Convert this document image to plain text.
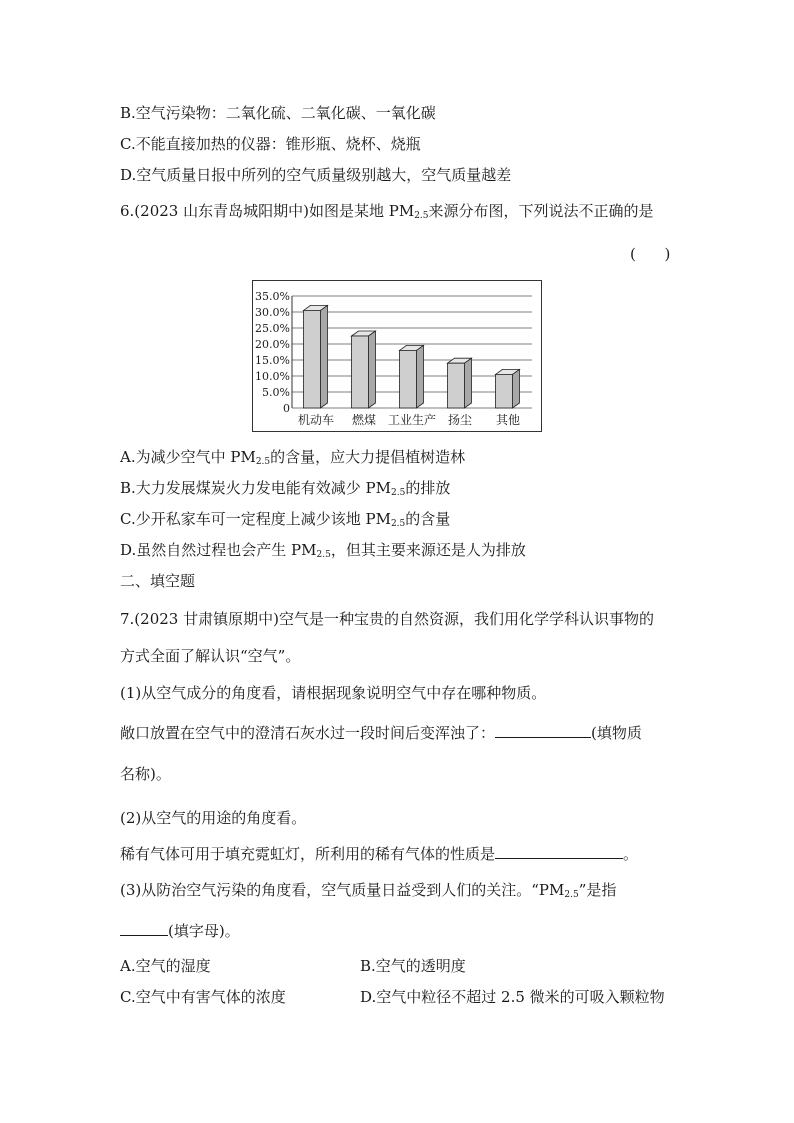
B.空气污染物：二氧化硫、二氧化碳、一氧化碳
C.不能直接加热的仪器：锥形瓶、烧杯、烧瓶
D.空气质量日报中所列的空气质量级别越大，空气质量越差
6.(2023 山东青岛城阳期中)如图是某地 $PM_{2.5}$来源分布图，下列说法不正确的是
(      )
0
5.0%
10.0%
15.0%
20.0%
25.0%
30.0%
35.0%
机动车 燃煤 工业生产 扬尘 其他
A.为减少空气中 $PM_{2.5}$的含量，应大力提倡植树造林
B.大力发展煤炭火力发电能有效减少 $PM_{2.5}$的排放
C.少开私家车可一定程度上减少该地 $PM_{2.5}$的含量
D.虽然自然过程也会产生 $PM_{2.5}$，但其主要来源还是人为排放
二、填空题
7.(2023 甘肃镇原期中)空气是一种宝贵的自然资源，我们用化学学科认识事物的
方式全面了解认识“空气”。
(1)从空气成分的角度看，请根据现象说明空气中存在哪种物质。
敞口放置在空气中的澄清石灰水过一段时间后变浑浊了：	(填物质
名称)。
(2)从空气的用途的角度看。
稀有气体可用于填充霓虹灯，所利用的稀有气体的性质是	。
(3)从防治空气污染的角度看，空气质量日益受到人们的关注。“$PM_{2.5}$”是指
(填字母)。
A.空气的湿度	B.空气的透明度
C.空气中有害气体的浓度	D.空气中粒径不超过 2.5 微米的可吸入颗粒物
